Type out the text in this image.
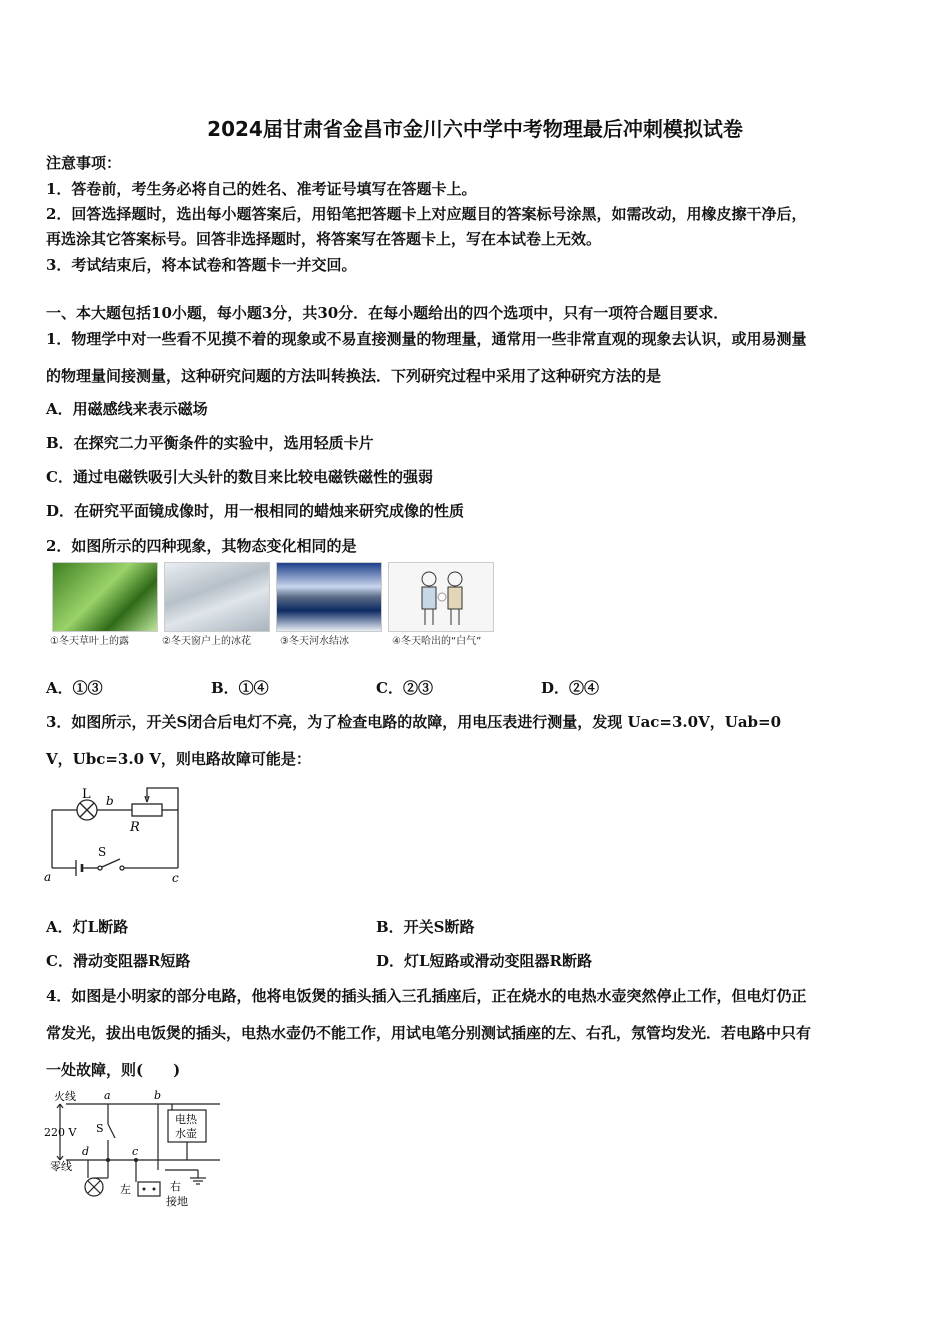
2024届甘肃省金昌市金川六中学中考物理最后冲刺模拟试卷
注意事项：
1．答卷前，考生务必将自己的姓名、准考证号填写在答题卡上。
2．回答选择题时，选出每小题答案后，用铅笔把答题卡上对应题目的答案标号涂黑，如需改动，用橡皮擦干净后，
再选涂其它答案标号。回答非选择题时，将答案写在答题卡上，写在本试卷上无效。
3．考试结束后，将本试卷和答题卡一并交回。
一、本大题包括10小题，每小题3分，共30分．在每小题给出的四个选项中，只有一项符合题目要求．
1．物理学中对一些看不见摸不着的现象或不易直接测量的物理量，通常用一些非常直观的现象去认识，或用易测量
的物理量间接测量，这种研究问题的方法叫转换法．下列研究过程中采用了这种研究方法的是
A．用磁感线来表示磁场
B．在探究二力平衡条件的实验中，选用轻质卡片
C．通过电磁铁吸引大头针的数目来比较电磁铁磁性的强弱
D．在研究平面镜成像时，用一根相同的蜡烛来研究成像的性质
2．如图所示的四种现象，其物态变化相同的是
①冬天草叶上的露	②冬天窗户上的冰花	③冬天河水结冰	④冬天哈出的“白气”
A．①③	B．①④	C．②③	D．②④
3．如图所示，开关S闭合后电灯不亮，为了检查电路的故障，用电压表进行测量，发现 Uac=3.0V，Uab=0
V，Ubc=3.0 V，则电路故障可能是：
L b
R
S
a	c
A．灯L断路	B．开关S断路
C．滑动变阻器R短路	D．灯L短路或滑动变阻器R断路
4．如图是小明家的部分电路，他将电饭煲的插头插入三孔插座后，正在烧水的电热水壶突然停止工作，但电灯仍正
常发光，拔出电饭煲的插头，电热水壶仍不能工作，用试电笔分别测试插座的左、右孔，氖管均发光．若电路中只有
一处故障，则(　　)
火线
零线
220 V
a	b
c
d
S
电热
水壶
左	右
接地
